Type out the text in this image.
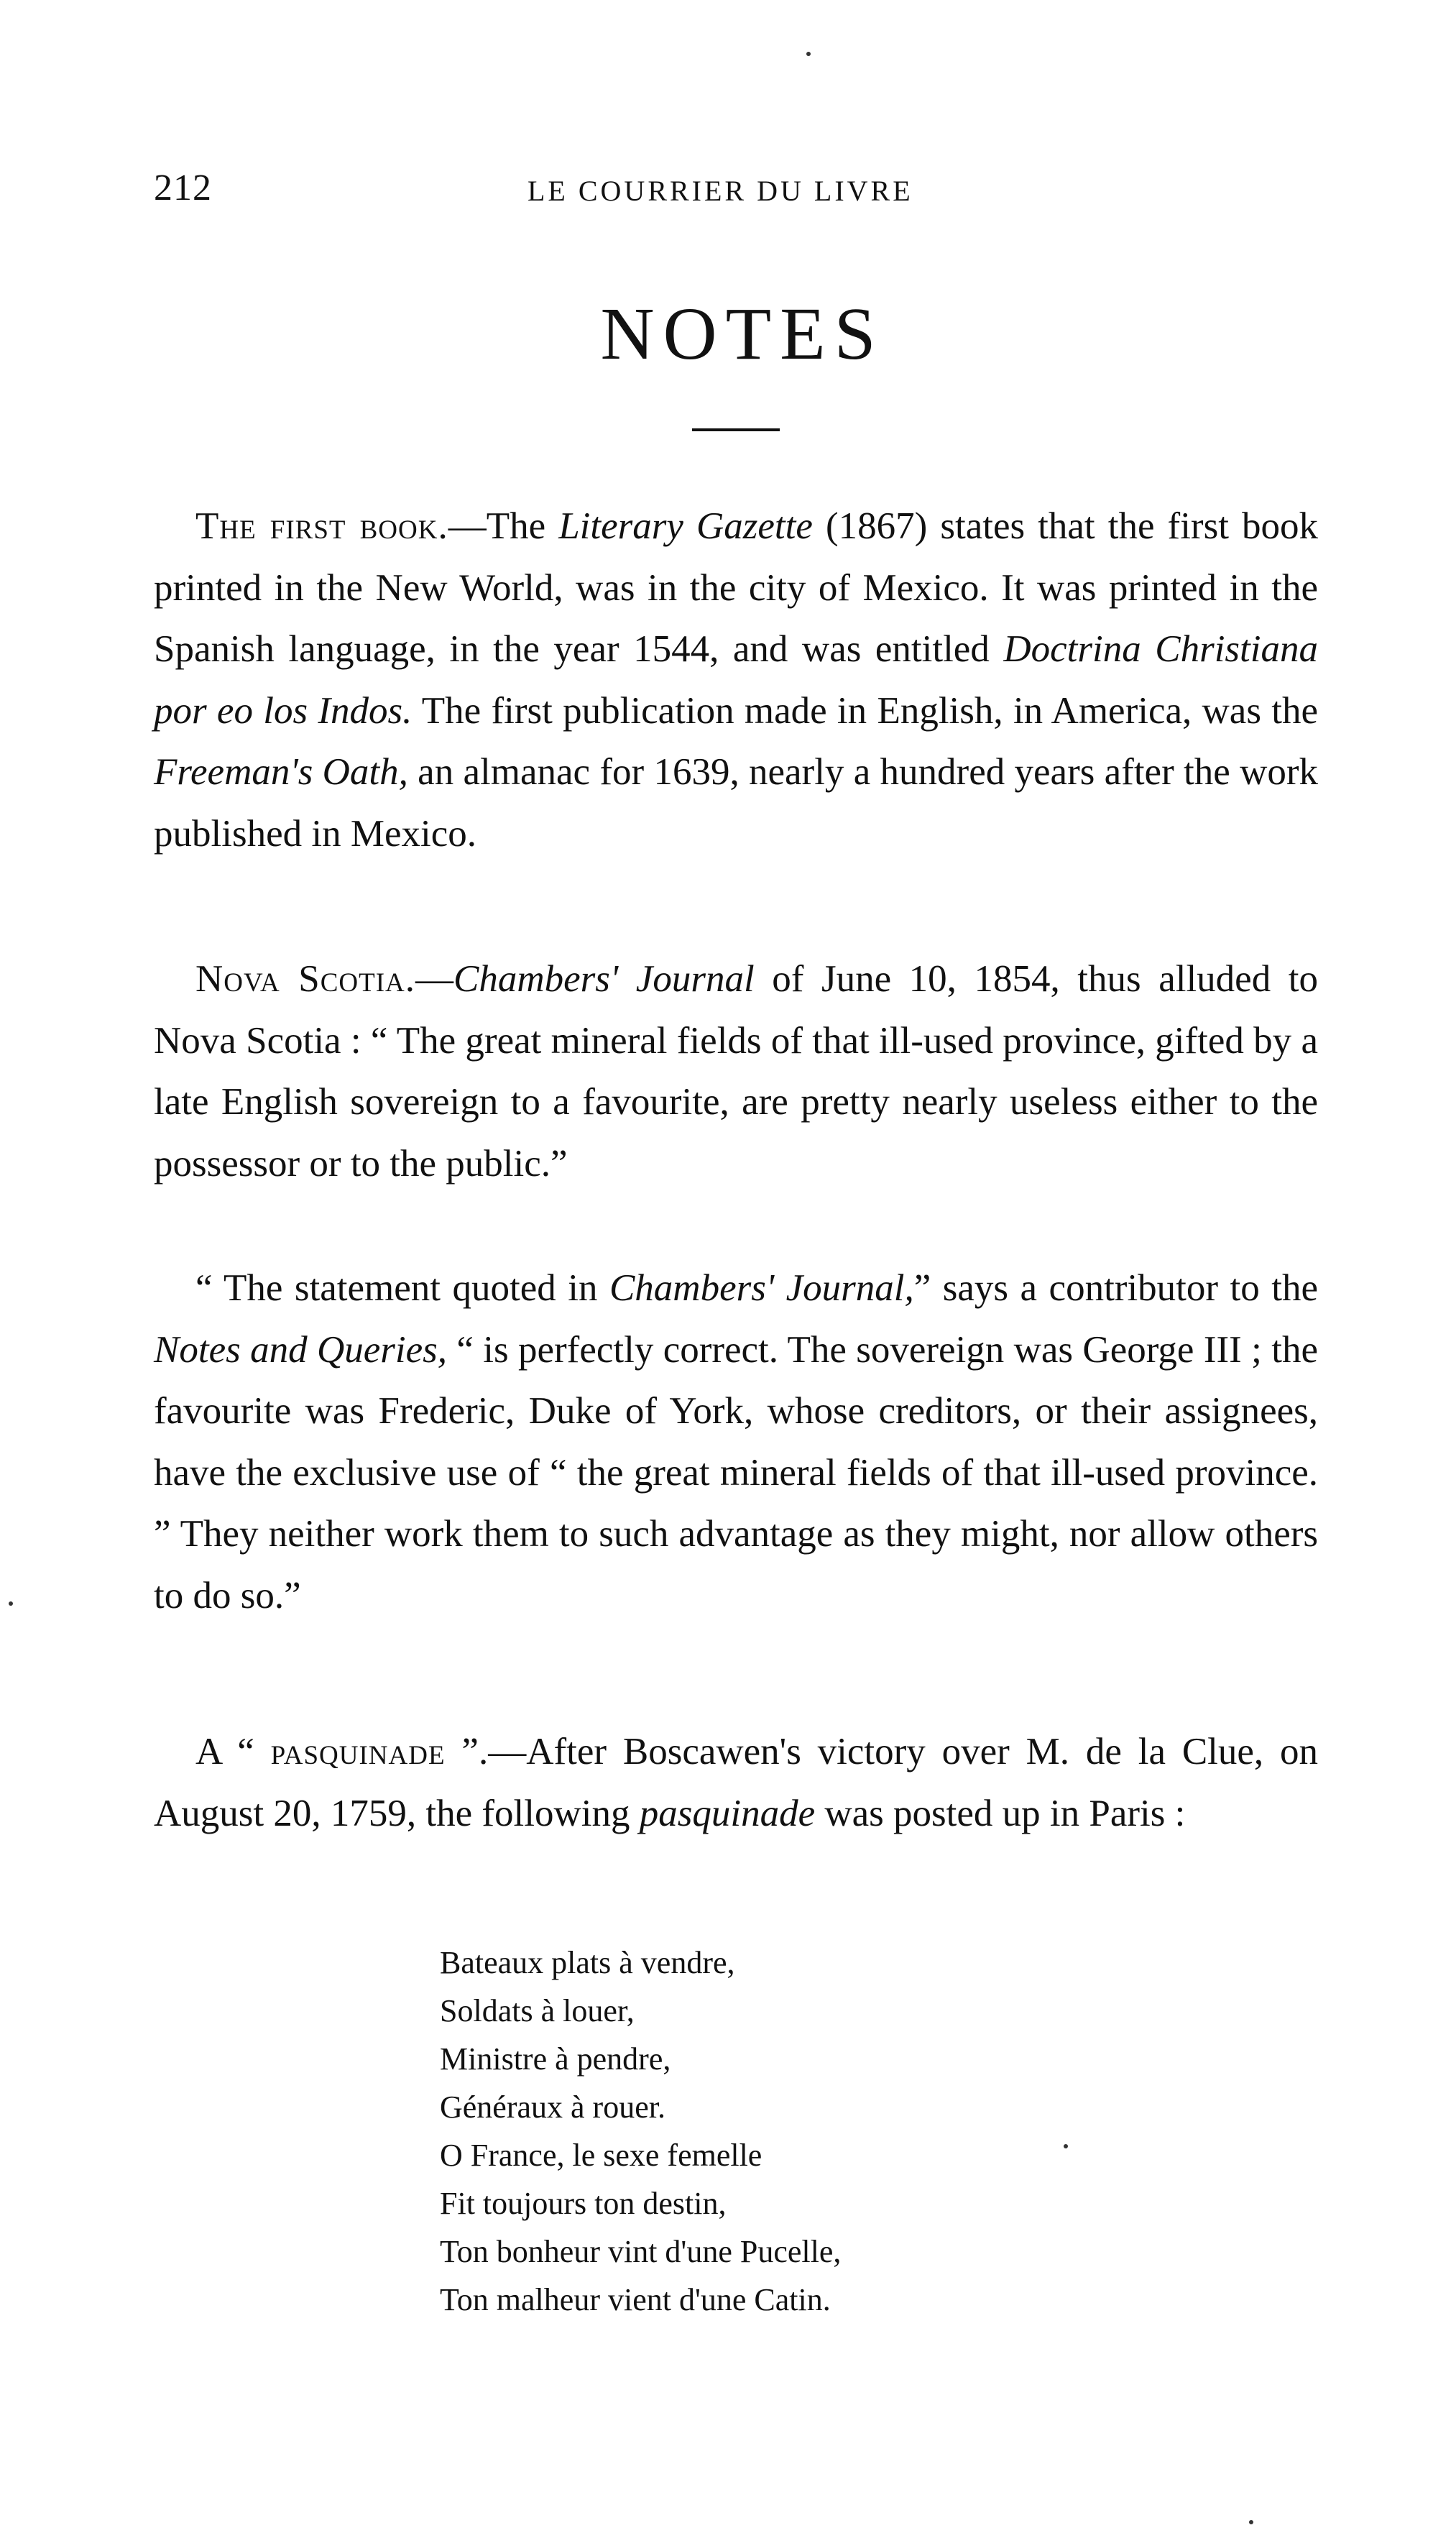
212	LE COURRIER DU LIVRE
NOTES

The first book.—The Literary Gazette (1867) states that the first book printed in the New World, was in the city of Mexico. It was printed in the Spanish language, in the year 1544, and was entitled Doctrina Christiana por eo los Indos. The first publication made in English, in America, was the Freeman's Oath, an almanac for 1639, nearly a hundred years after the work published in Mexico.

Nova Scotia.—Chambers' Journal of June 10, 1854, thus alluded to Nova Scotia : “ The great mineral fields of that ill-used province, gifted by a late English sovereign to a favourite, are pretty nearly useless either to the possessor or to the public.”

“ The statement quoted in Chambers' Journal,” says a contributor to the Notes and Queries, “ is perfectly correct. The sovereign was George III ; the favourite was Frederic, Duke of York, whose creditors, or their assignees, have the exclusive use of “ the great mineral fields of that ill-used province. ” They neither work them to such advantage as they might, nor allow others to do so.”

A “ pasquinade ”.—After Boscawen's victory over M. de la Clue, on August 20, 1759, the following pasquinade was posted up in Paris :

Bateaux plats à vendre,
Soldats à louer,
Ministre à pendre,
Généraux à rouer.
O France, le sexe femelle
Fit toujours ton destin,
Ton bonheur vint d'une Pucelle,
Ton malheur vient d'une Catin.
